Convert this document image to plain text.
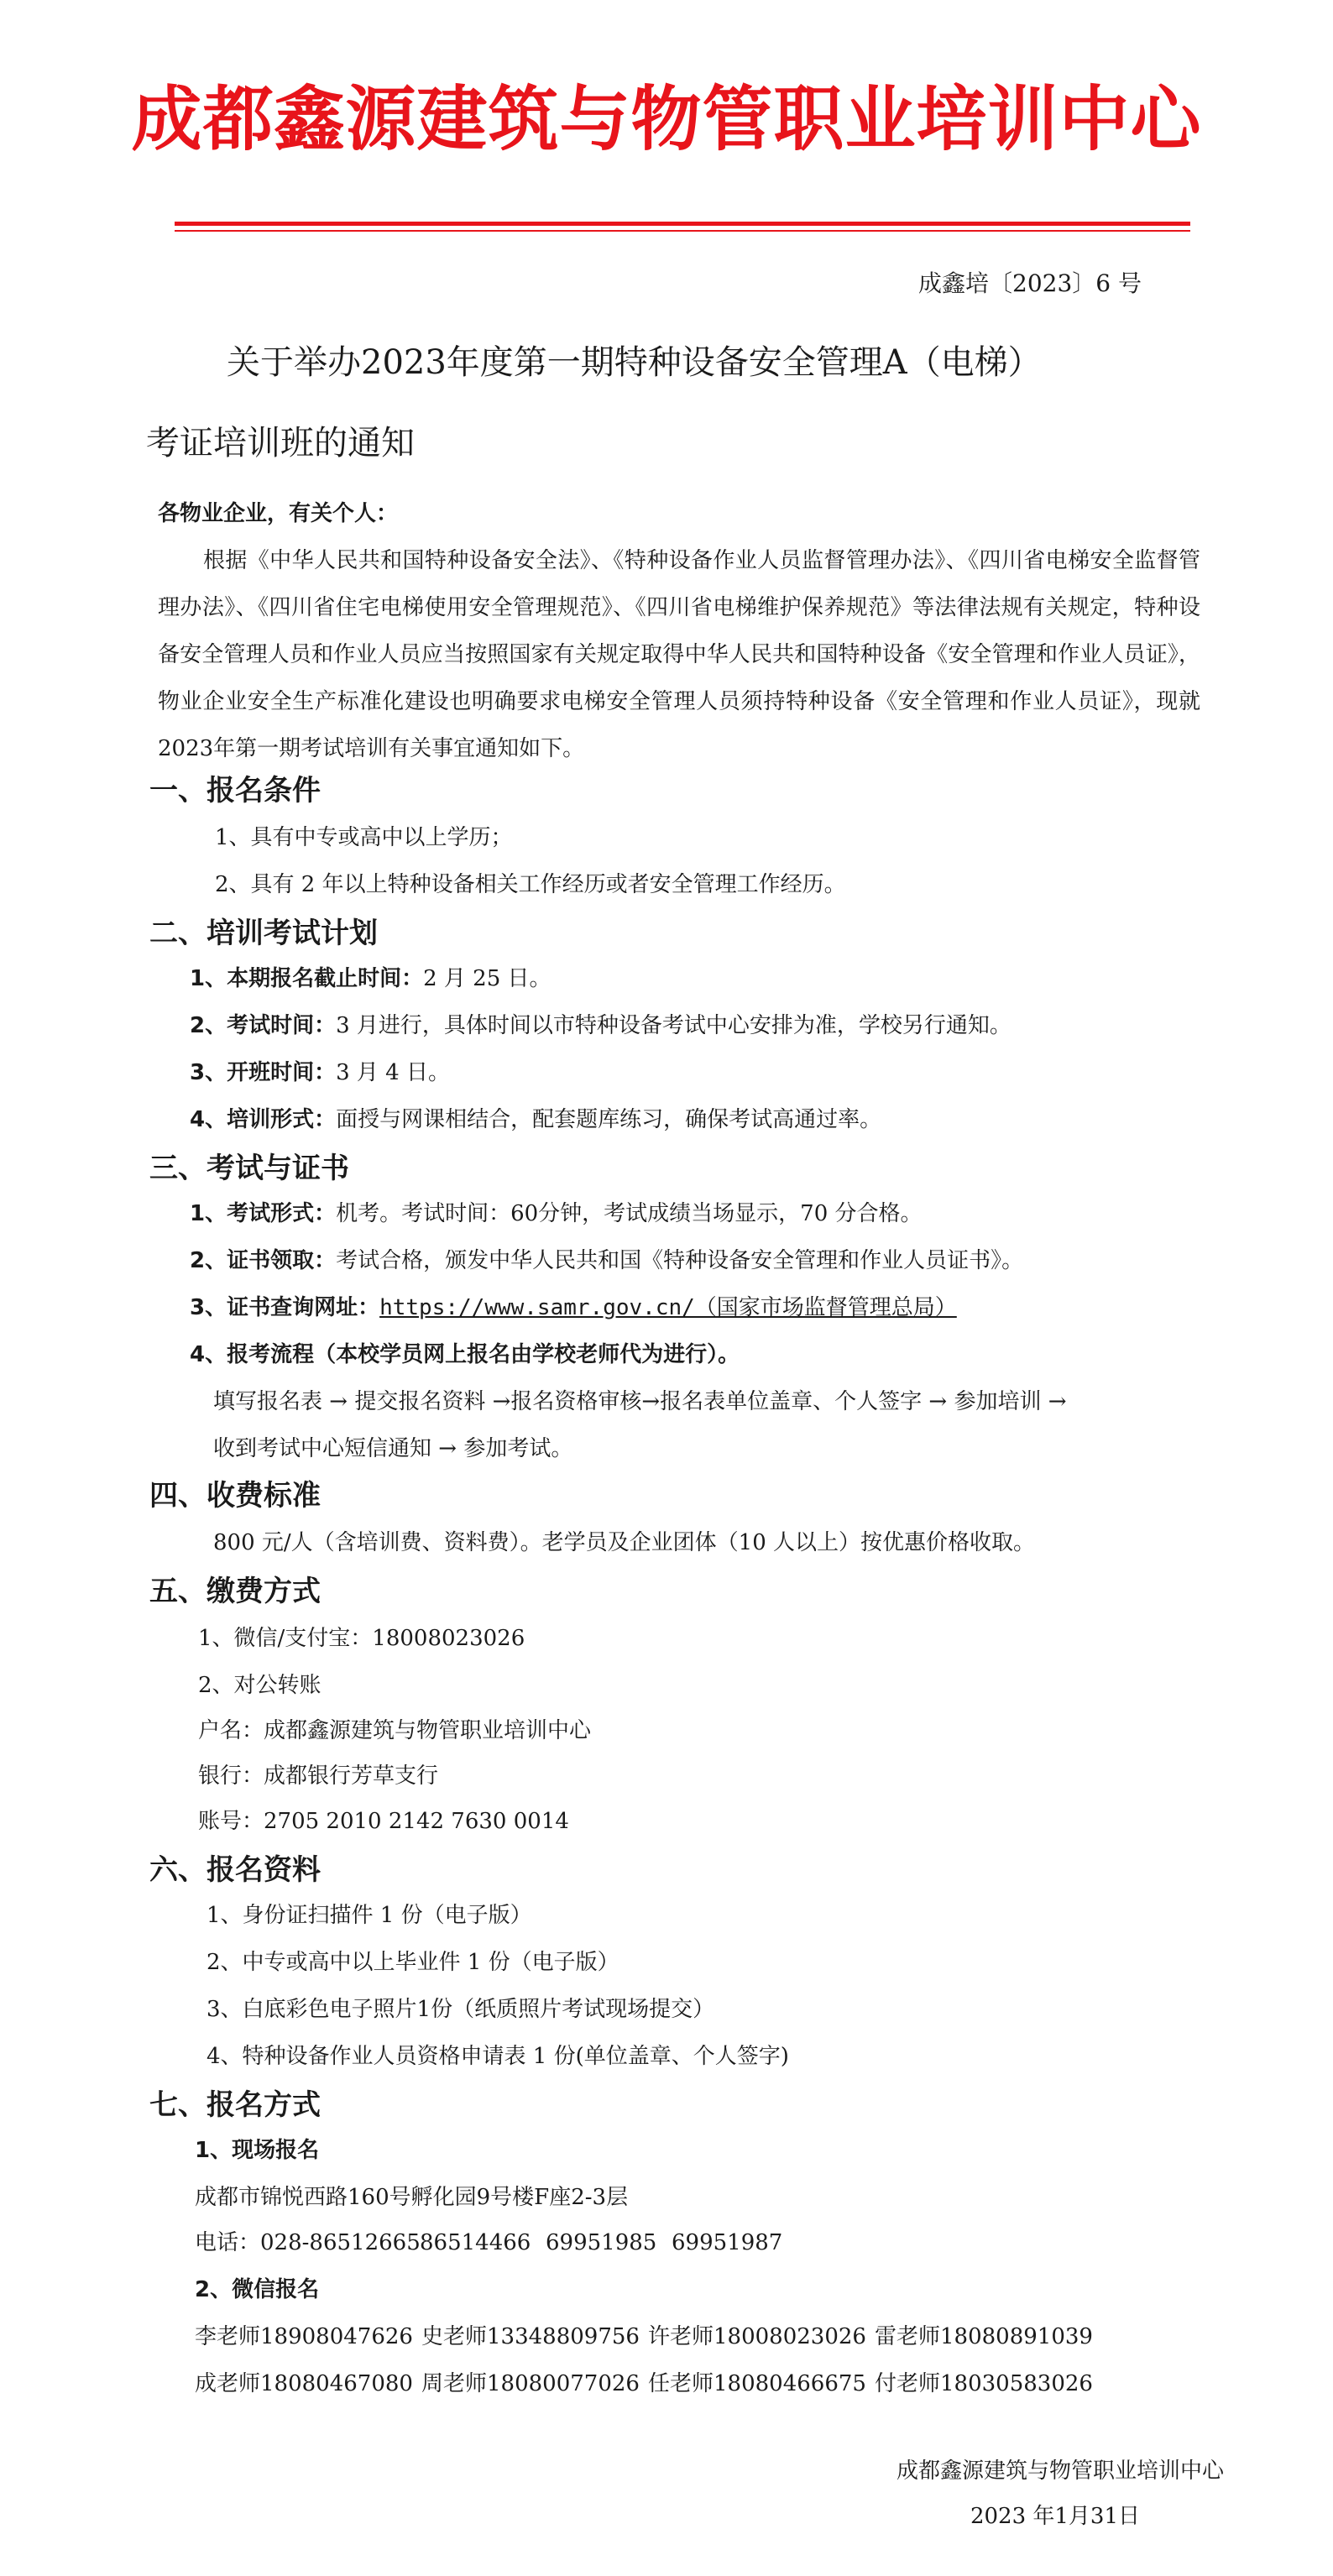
成都鑫源建筑与物管职业培训中心
成鑫培〔2023〕6 号
关于举办2023年度第一期特种设备安全管理A（电梯）
考证培训班的通知
各物业企业，有关个人：
根据《中华人民共和国特种设备安全法》、《特种设备作业人员监督管理办法》、《四川省电梯安全监督管理办法》、《四川省住宅电梯使用安全管理规范》、《四川省电梯维护保养规范》等法律法规有关规定，特种设备安全管理人员和作业人员应当按照国家有关规定取得中华人民共和国特种设备《安全管理和作业人员证》，物业企业安全生产标准化建设也明确要求电梯安全管理人员须持特种设备《安全管理和作业人员证》，现就2023年第一期考试培训有关事宜通知如下。
一、报名条件
1、具有中专或高中以上学历；
2、具有 2 年以上特种设备相关工作经历或者安全管理工作经历。
二、培训考试计划
1、本期报名截止时间：2 月 25 日。
2、考试时间：3 月进行，具体时间以市特种设备考试中心安排为准，学校另行通知。
3、开班时间：3 月 4 日。
4、培训形式：面授与网课相结合，配套题库练习，确保考试高通过率。
三、考试与证书
1、考试形式：机考。考试时间：60分钟，考试成绩当场显示，70 分合格。
2、证书领取：考试合格，颁发中华人民共和国《特种设备安全管理和作业人员证书》。
3、证书查询网址：https://www.samr.gov.cn/（国家市场监督管理总局）
4、报考流程（本校学员网上报名由学校老师代为进行）。
填写报名表 → 提交报名资料 →报名资格审核→报名表单位盖章、个人签字 → 参加培训 →
收到考试中心短信通知 → 参加考试。
四、收费标准
800 元/人（含培训费、资料费）。老学员及企业团体（10 人以上）按优惠价格收取。
五、缴费方式
1、微信/支付宝：18008023026
2、对公转账
户名：成都鑫源建筑与物管职业培训中心
银行：成都银行芳草支行
账号：2705 2010 2142 7630 0014
六、报名资料
1、身份证扫描件 1 份（电子版）
2、中专或高中以上毕业件 1 份（电子版）
3、白底彩色电子照片1份（纸质照片考试现场提交）
4、特种设备作业人员资格申请表 1 份(单位盖章、个人签字)
七、报名方式
1、现场报名
成都市锦悦西路160号孵化园9号楼F座2-3层
电话：028-8651266586514466 69951985 69951987
2、微信报名
李老师18908047626 史老师13348809756 许老师18008023026 雷老师18080891039
成老师18080467080 周老师18080077026 任老师18080466675 付老师18030583026
成都鑫源建筑与物管职业培训中心
2023 年1月31日
